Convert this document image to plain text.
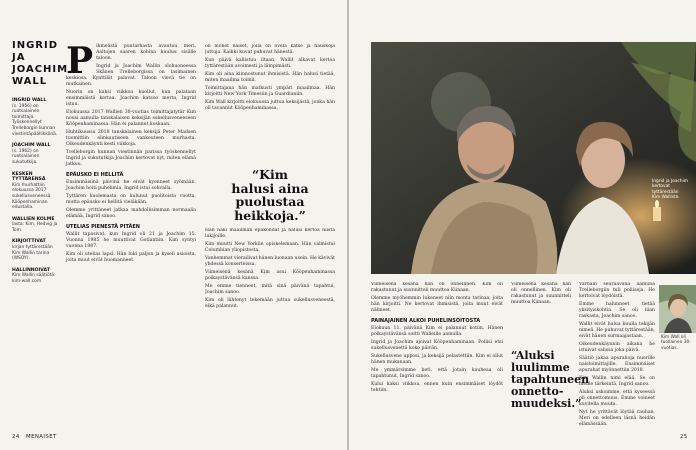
INGRID
JA
JOACHIM
WALL
INGRID WALL
(s. 1956) on ruotsalainen toimittaja. Työskennellyt Trelleborgin kunnan viestintäpäällikkönä.
JOACHIM WALL
(s. 1962) on ruotsalainen sukututkija.
KESKEN TYTTÄRENSÄ
Kim murhattiin elokuussa 2017 sukellusveneessä Kööpenhaminan edustalla.
WALLIEN KOLME
lasta: Kim, Hedvig ja Tom.
KIRJOITTIVAT
kirjan tyttärestään Kim Wallin tarina (WSOY).
HALLINNOIVAT
Kim Wallin säätiötä: kim-wall.com
P ihmeästä puutarhasta avautuu meri. Aaltojen saaren kohina kuuluu sisälle taloon.

Ingrid ja Joachim Wallin olohuoneessa Skånen Trelleborgissa on lasimainen keskiosa. Kynttilät palavat. Taloon vievä tie on mutkainen.

Nuorin on kaksi viikkoa kuollut, kun palataan ensimmäistä kertaa. Joachim katsoo merta, Ingrid istuu.

Elokuussa 2017 Wallien 30-vuotias toimittajatytär Kim nousi aamulla tanskalaisen keksijän sukellusveneeseen Kööpenhaminassa. Hän ei palannut koskaan.

Huhtikuussa 2018 tanskalainen keksijä Peter Madsen tuomittiin elinkautiseen vankeuteen murhasta. Oikeudenkäynti kesti viikkoja.

Trelleborgin kunnan viestinnän parissa työskennellyt Ingrid ja sukututkija Joachim kertovat nyt, miten elämä jatkuu.

EPÄUSKO EI HELLITÄ

Ensimmäisinä päivinä he eivät kyenneet syömään. Joachim hoiti puhelimia, Ingrid istui sohvalla.

Tyttären kuolemasta on kulunut puolitoista vuotta, mutta epäusko ei hellitä vieläkään.

Olemme yrittäneet jatkaa mahdollisimman normaalia elämää, Ingrid sanoo.

UTELIAS PIENESTÄ PITÄEN

Wallit tapasivat, kun Ingrid oli 21 ja Joachim 15. Vuonna 1985 he muuttivat Gotlantiin. Kim syntyi vuonna 1987.

Kim oli utelias lapsi. Hän luki paljon ja kyseli asioista, joita muut eivät huomanneet.

on monet naiset, jolla on ovela katse ja hauskoja juttuja. Kaikki kuvat puhuvat hänestä.

Kun päivä kallistuu iltaan, Wallit alkavat kertoa tyttärestään avoimesti ja lämpimästi.

Kim oli aina kiinnostunut ihmisistä. Hän halusi tietää, miten maailma toimii.

Toimittajana hän matkusti ympäri maailmaa. Hän kirjoitti New York Timesiin ja Guardianiin.

Kim Wall kirjoitti elokuussa juttua keksijästä, jonka hän oli tavannut Kööpenhaminassa.

“Kim
halusi aina
puolustaa
heikkoja.”

Hän näki maailman epäkohdat ja halusi kertoa niistä lukijoille.

Kim muutti New Yorkiin opiskelemaan. Hän valmistui Columbian yliopistosta.

Vanhemmat vierailivat hänen luonaan usein. He kävivät yhdessä konserteissa.

Viimeisenä kesänä Kim asui Kööpenhaminassa poikaystävänsä kanssa.

Me emme tienneet, mitä sinä päivänä tapahtui, Joachim sanoo.

Kim oli lähtenyt tekemään juttua sukellusveneestä, eikä palannut.

24 MENAISET
Ingrid ja Joachim kertovat tyttärestään Kim Wallista.

Viimeisenä kesänä hän oli onnellinen. Kim oli rakastunut ja suunnitteli muuttoa Kiinaan.

Olemme myöhemmin lukeneet niin monta tarinaa, joita hän kirjoitti. Ne kertovat ihmisistä, joita muut eivät nähneet.

PAINAJAINEN ALKOI PUHELINSOITOSTA

Elokuun 11. päivänä Kim ei palannut kotiin. Hänen poikaystävänsä soitti Walleille aamulla.

Ingrid ja Joachim ajoivat Kööpenhaminaan. Poliisi etsi sukellusvenettä koko päivän.

Sukellusvene upposi, ja keksijä pelastettiin. Kim ei ollut hänen mukanaan.

Me ymmärsimme heti, että jotain kauheaa oli tapahtunut, Ingrid sanoo.

Kului kaksi viikkoa, ennen kuin ensimmäiset löydöt tehtiin.

“Aluksi
luulimme
tapahtuneen
onnetto-
muudeksi.”

Viimeisenä kesänä hän oli onnellinen. Kim oli rakastunut ja suunnitteli muuttoa Kiinaan.

Varhain seuraavana aamuna Trelleborgiin tuli poliiseja. He kertoivat löydöistä.

Emme halunneet tietää yksityiskohtia. Se oli liian raskasta, Joachim sanoo.

Wallit eivät halua kuulla tekijän nimeä. He puhuvat tyttärestään, eivät hänen surmaajastaan.

Oikeudenkäynnin aikana he istuivat salissa joka päivä.

Säätiö jakaa apurahoja nuorille naistoimittajille. Ensimmäiset apurahat myönnettiin 2018.

Kim Wallin nimi elää. Se on meille tärkeintä, Ingrid sanoo.

Aluksi uskoimme, että kyseessä oli onnettomuus. Emme voineet kuvitella muuta.

Nyt he yrittävät löytää rauhan. Meri on edelleen läsnä heidän elämässään.

Kim Wall oli tuollainen 30-vuotias.
25
